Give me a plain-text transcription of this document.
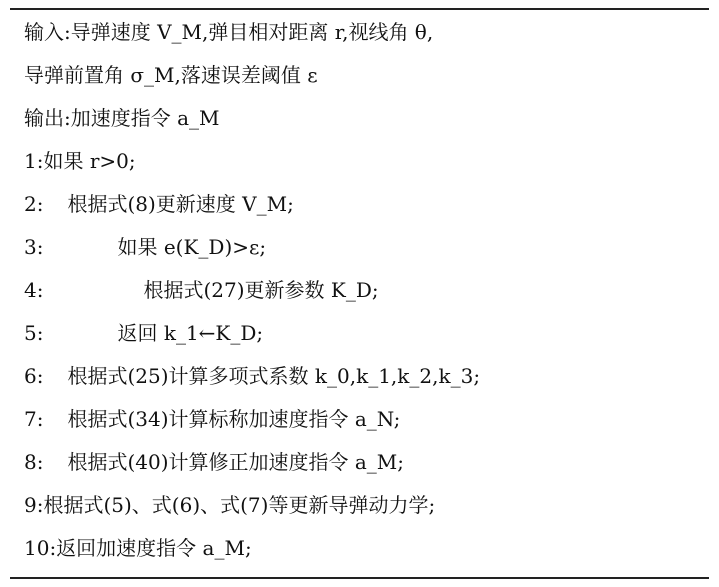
输入:导弹速度 V_M,弹目相对距离 r,视线角 θ,
导弹前置角 σ_M,落速误差阈值 ε
输出:加速度指令 a_M
1:如果 r>0;
2: 根据式(8)更新速度 V_M;
3:	如果 e(K_D)>ε;
4:	根据式(27)更新参数 K_D;
5:	返回 k_1←K_D;
6: 根据式(25)计算多项式系数 k_0,k_1,k_2,k_3;
7: 根据式(34)计算标称加速度指令 a_N;
8: 根据式(40)计算修正加速度指令 a_M;
9:根据式(5)、式(6)、式(7)等更新导弹动力学;
10:返回加速度指令 a_M;
